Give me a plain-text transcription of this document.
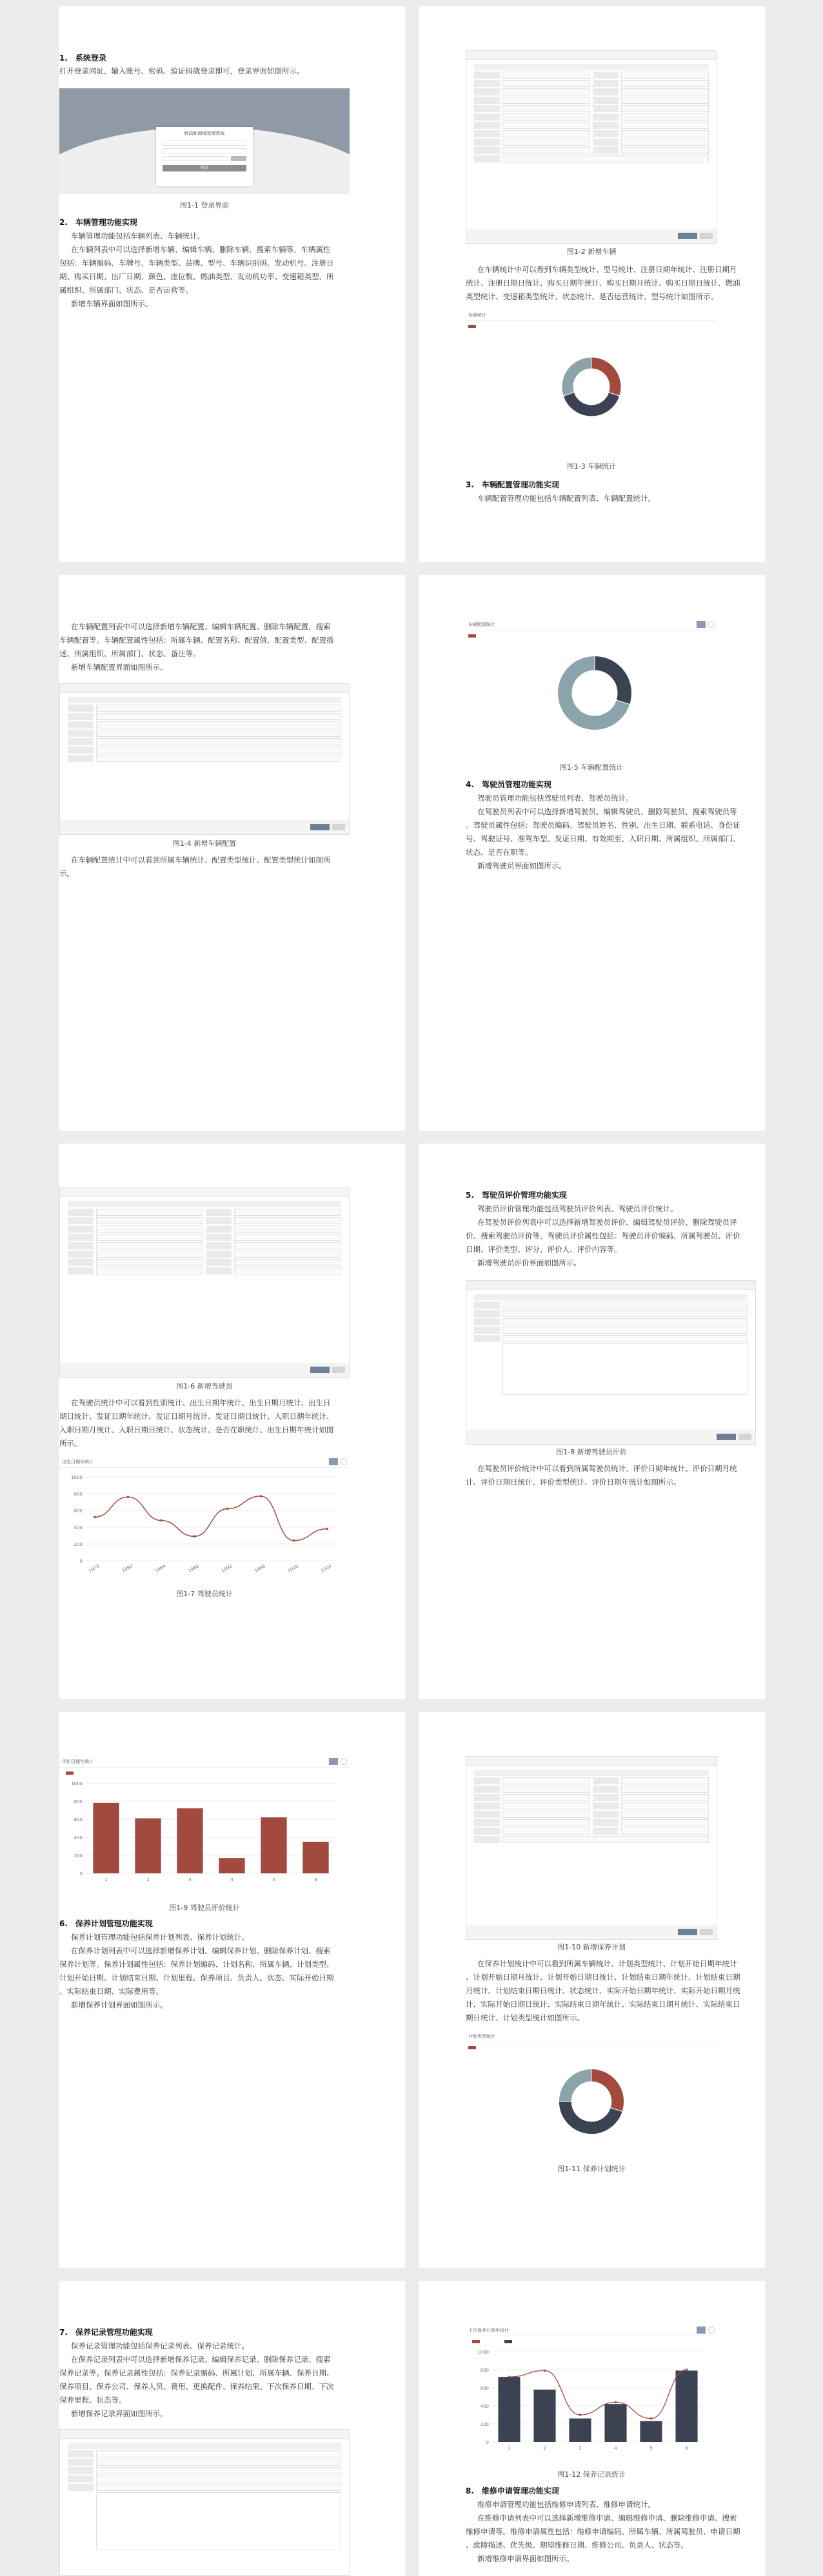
1.　系统登录
打开登录网址，输入账号、密码、验证码就登录即可，登录界面如图所示。
移动和商城管理系统
登录
图1-1 登录界面
2.　车辆管理功能实现
车辆管理功能包括车辆列表、车辆统计。
在车辆列表中可以选择新增车辆、编辑车辆、删除车辆、搜索车辆等。车辆属性
包括：车辆编码、车牌号、车辆类型、品牌、型号、车辆识别码、发动机号、注册日
期、购买日期、出厂日期、颜色、座位数、燃油类型、发动机功率、变速箱类型、所
属组织、所属部门、状态、是否运营等。
新增车辆界面如图所示。
图1-2 新增车辆
在车辆统计中可以看到车辆类型统计、型号统计、注册日期年统计、注册日期月
统计、注册日期日统计、购买日期年统计、购买日期月统计、购买日期日统计、燃油
类型统计、变速箱类型统计、状态统计、是否运营统计、型号统计如图所示。
车辆统计
图1-3 车辆统计
3.　车辆配置管理功能实现
车辆配置管理功能包括车辆配置列表、车辆配置统计。
在车辆配置列表中可以选择新增车辆配置、编辑车辆配置、删除车辆配置、搜索
车辆配置等。车辆配置属性包括：所属车辆、配置名称、配置值、配置类型、配置描
述、所属组织、所属部门、状态、备注等。
新增车辆配置界面如图所示。
图1-4 新增车辆配置
在车辆配置统计中可以看到所属车辆统计、配置类型统计、配置类型统计如图所
示。
车辆配置统计
图1-5 车辆配置统计
4.　驾驶员管理功能实现
驾驶员管理功能包括驾驶员列表、驾驶员统计。
在驾驶员列表中可以选择新增驾驶员、编辑驾驶员、删除驾驶员、搜索驾驶员等
。驾驶员属性包括：驾驶员编码、驾驶员姓名、性别、出生日期、联系电话、身份证
号、驾驶证号、准驾车型、发证日期、有效期至、入职日期、所属组织、所属部门、
状态、是否在职等。
新增驾驶员界面如图所示。
图1-6 新增驾驶员
在驾驶员统计中可以看到性别统计、出生日期年统计、出生日期月统计、出生日
期日统计、发证日期年统计、发证日期月统计、发证日期日统计、入职日期年统计、
入职日期月统计、入职日期日统计、状态统计、是否在职统计、出生日期年统计如图
所示。
出生日期年统计
0
200
400
600
800
1000
1976	1980	1984	1988	1992	1996	2000	2004
图1-7 驾驶员统计
5.　驾驶员评价管理功能实现
驾驶员评价管理功能包括驾驶员评价列表、驾驶员评价统计。
在驾驶员评价列表中可以选择新增驾驶员评价、编辑驾驶员评价、删除驾驶员评
价、搜索驾驶员评价等。驾驶员评价属性包括：驾驶员评价编码、所属驾驶员、评价
日期、评价类型、评分、评价人、评价内容等。
新增驾驶员评价界面如图所示。
图1-8 新增驾驶员评价
在驾驶员评价统计中可以看到所属驾驶员统计、评价日期年统计、评价日期月统
计、评价日期日统计、评价类型统计、评价日期年统计如图所示。
评价日期年统计
0
200
400
600
800
1000
1	2	3	4	5	6
图1-9 驾驶员评价统计
6.　保养计划管理功能实现
保养计划管理功能包括保养计划列表、保养计划统计。
在保养计划列表中可以选择新增保养计划、编辑保养计划、删除保养计划、搜索
保养计划等。保养计划属性包括：保养计划编码、计划名称、所属车辆、计划类型、
计划开始日期、计划结束日期、计划里程、保养项目、负责人、状态、实际开始日期
、实际结束日期、实际费用等。
新增保养计划界面如图所示。
图1-10 新增保养计划
在保养计划统计中可以看到所属车辆统计、计划类型统计、计划开始日期年统计
、计划开始日期月统计、计划开始日期日统计、计划结束日期年统计、计划结束日期
月统计、计划结束日期日统计、状态统计、实际开始日期年统计、实际开始日期月统
计、实际开始日期日统计、实际结束日期年统计、实际结束日期月统计、实际结束日
期日统计、计划类型统计如图所示。
计划类型统计
图1-11 保养计划统计
7.　保养记录管理功能实现
保养记录管理功能包括保养记录列表、保养记录统计。
在保养记录列表中可以选择新增保养记录、编辑保养记录、删除保养记录、搜索
保养记录等。保养记录属性包括：保养记录编码、所属计划、所属车辆、保养日期、
保养项目、保养公司、保养人员、费用、更换配件、保养结果、下次保养日期、下次
保养里程、状态等。
新增保养记录界面如图所示。
下次保养日期年统计
0
200
400
600
800
1000
1	2	3	4	5	6
图1-12 保养记录统计
8.　维修申请管理功能实现
维修申请管理功能包括维修申请列表、维修申请统计。
在维修申请列表中可以选择新增维修申请、编辑维修申请、删除维修申请、搜索
维修申请等。维修申请属性包括：维修申请编码、所属车辆、所属驾驶员、申请日期
、故障描述、优先级、期望维修日期、维修公司、负责人、状态等。
新增维修申请界面如图所示。
